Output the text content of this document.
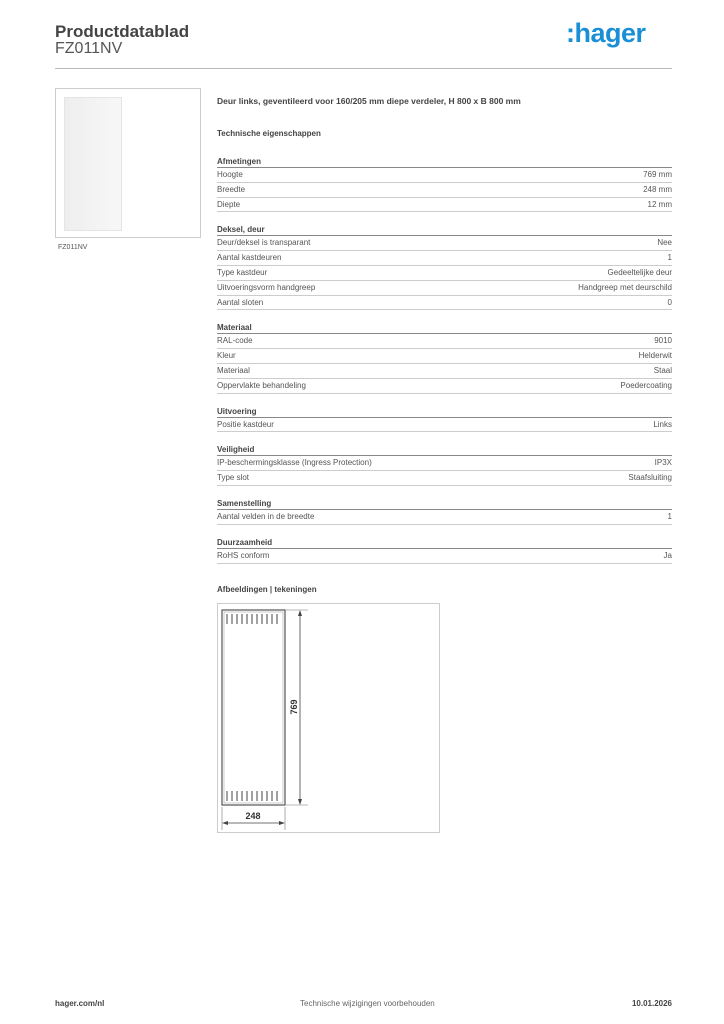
Productdatablad
FZ011NV
:hager
FZ011NV
Deur links, geventileerd voor 160/205 mm diepe verdeler, H 800 x B 800 mm
Technische eigenschappen
Afmetingen
Hoogte	769 mm
Breedte	248 mm
Diepte	12 mm
Deksel, deur
Deur/deksel is transparant	Nee
Aantal kastdeuren	1
Type kastdeur	Gedeeltelijke deur
Uitvoeringsvorm handgreep	Handgreep met deurschild
Aantal sloten	0
Materiaal
RAL-code	9010
Kleur	Helderwit
Materiaal	Staal
Oppervlakte behandeling	Poedercoating
Uitvoering
Positie kastdeur	Links
Veiligheid
IP-beschermingsklasse (Ingress Protection)	IP3X
Type slot	Staafsluiting
Samenstelling
Aantal velden in de breedte	1
Duurzaamheid
RoHS conform	Ja
Afbeeldingen | tekeningen
769
248
hager.com/nl	Technische wijzigingen voorbehouden	10.01.2026
